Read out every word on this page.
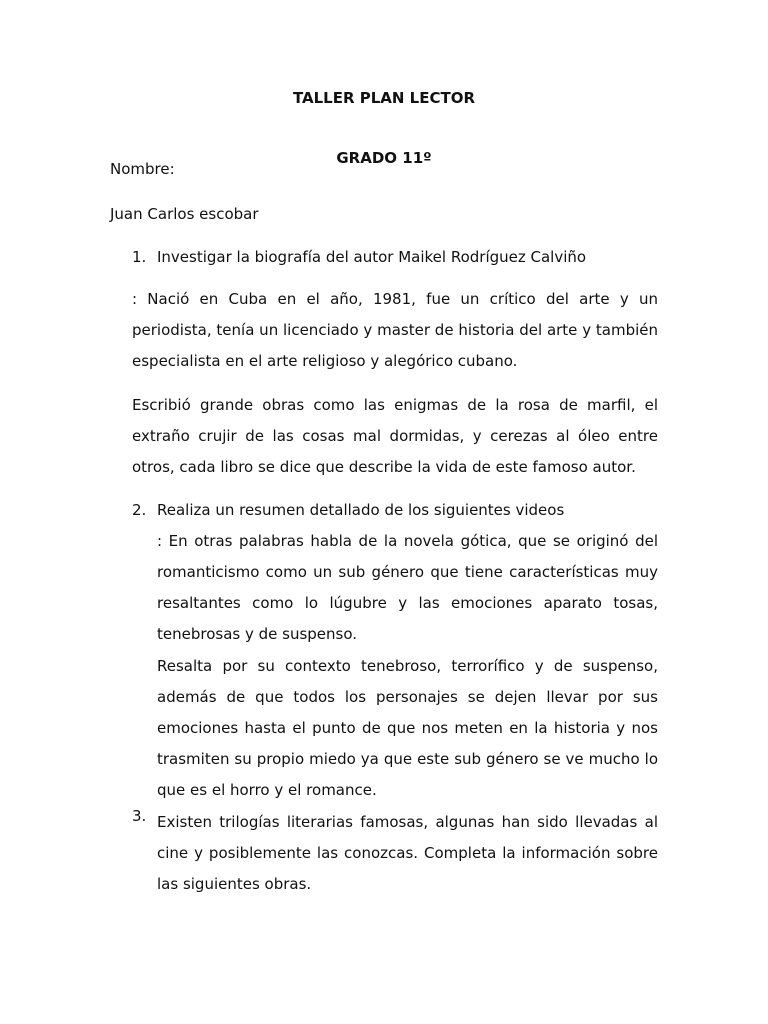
TALLER PLAN LECTOR
GRADO 11º
Nombre:
Juan Carlos escobar
1. Investigar la biografía del autor Maikel Rodríguez Calviño
: Nació en Cuba en el año, 1981, fue un crítico del arte y un periodista, tenía un licenciado y master de historia del arte y también especialista en el arte religioso y alegórico cubano.
Escribió grande obras como las enigmas de la rosa de marfil, el extraño crujir de las cosas mal dormidas, y cerezas al óleo entre otros, cada libro se dice que describe la vida de este famoso autor.
2. Realiza un resumen detallado de los siguientes videos
: En otras palabras habla de la novela gótica, que se originó del romanticismo como un sub género que tiene características muy resaltantes como lo lúgubre y las emociones aparato tosas, tenebrosas y de suspenso.
Resalta por su contexto tenebroso, terrorífico y de suspenso, además de que todos los personajes se dejen llevar por sus emociones hasta el punto de que nos meten en la historia y nos trasmiten su propio miedo ya que este sub género se ve mucho lo que es el horro y el romance.
3. Existen trilogías literarias famosas, algunas han sido llevadas al cine y posiblemente las conozcas. Completa la información sobre las siguientes obras.
